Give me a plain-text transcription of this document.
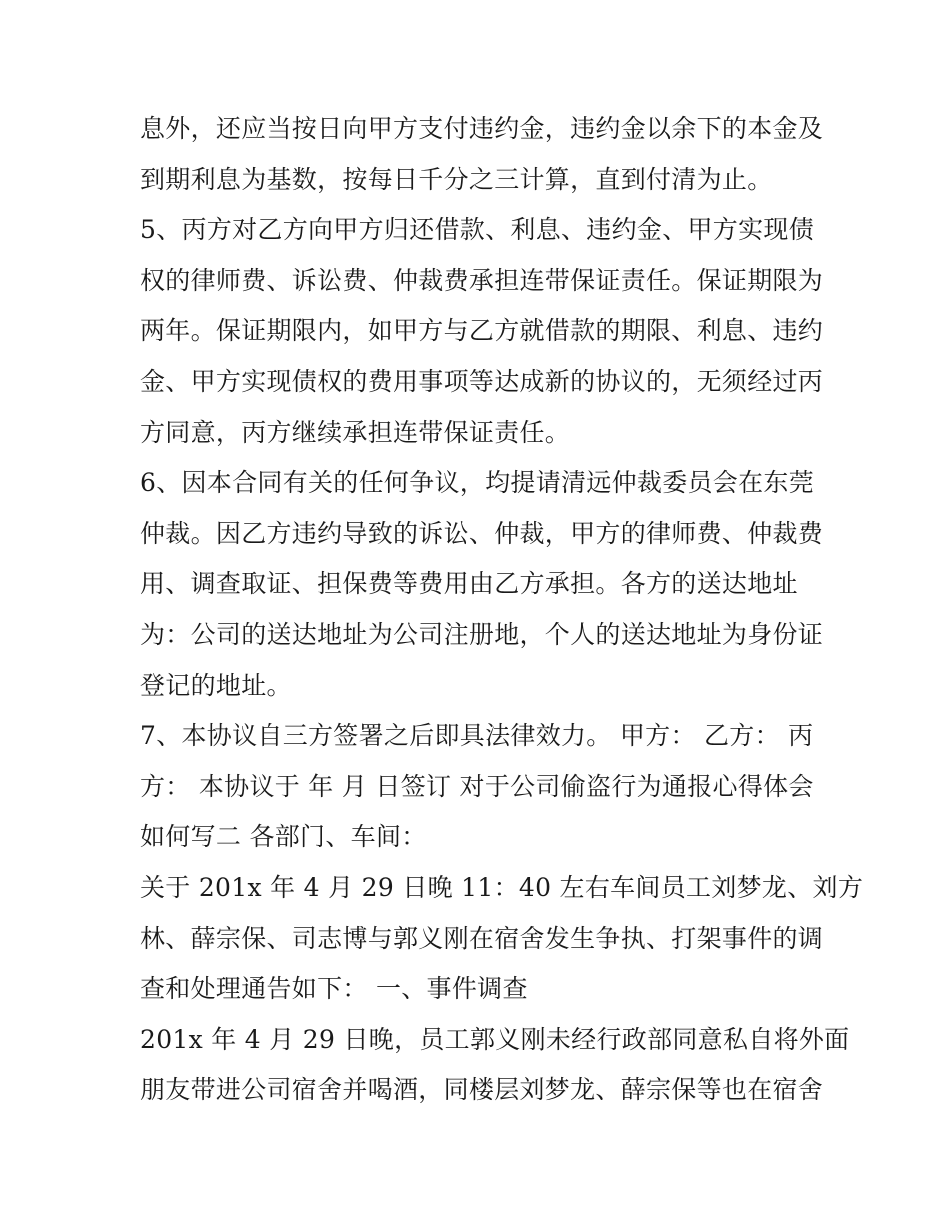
息外，还应当按日向甲方支付违约金，违约金以余下的本金及
到期利息为基数，按每日千分之三计算，直到付清为止。
5、丙方对乙方向甲方归还借款、利息、违约金、甲方实现债
权的律师费、诉讼费、仲裁费承担连带保证责任。保证期限为
两年。保证期限内，如甲方与乙方就借款的期限、利息、违约
金、甲方实现债权的费用事项等达成新的协议的，无须经过丙
方同意，丙方继续承担连带保证责任。
6、因本合同有关的任何争议，均提请清远仲裁委员会在东莞
仲裁。因乙方违约导致的诉讼、仲裁，甲方的律师费、仲裁费
用、调查取证、担保费等费用由乙方承担。各方的送达地址
为：公司的送达地址为公司注册地，个人的送达地址为身份证
登记的地址。
7、本协议自三方签署之后即具法律效力。 甲方： 乙方： 丙
方： 本协议于 年 月 日签订 对于公司偷盗行为通报心得体会
如何写二 各部门、车间：
关于 201x 年 4 月 29 日晚 11：40 左右车间员工刘梦龙、刘方
林、薛宗保、司志博与郭义刚在宿舍发生争执、打架事件的调
查和处理通告如下： 一、事件调查
201x 年 4 月 29 日晚，员工郭义刚未经行政部同意私自将外面
朋友带进公司宿舍并喝酒，同楼层刘梦龙、薛宗保等也在宿舍
